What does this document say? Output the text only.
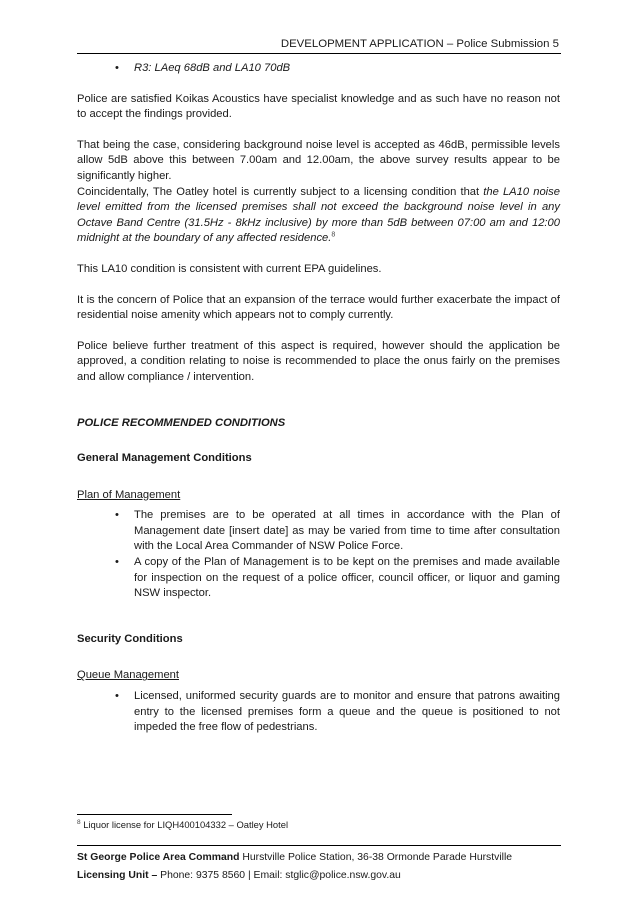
DEVELOPMENT APPLICATION – Police Submission 5
• R3: LAeq 68dB and LA10 70dB

Police are satisfied Koikas Acoustics have specialist knowledge and as such have no reason not to accept the findings provided.

That being the case, considering background noise level is accepted as 46dB, permissible levels allow 5dB above this between 7.00am and 12.00am, the above survey results appear to be significantly higher.

Coincidentally, The Oatley hotel is currently subject to a licensing condition that the LA10 noise level emitted from the licensed premises shall not exceed the background noise level in any Octave Band Centre (31.5Hz - 8kHz inclusive) by more than 5dB between 07:00 am and 12:00 midnight at the boundary of any affected residence.$^8$

This LA10 condition is consistent with current EPA guidelines.

It is the concern of Police that an expansion of the terrace would further exacerbate the impact of residential noise amenity which appears not to comply currently.

Police believe further treatment of this aspect is required, however should the application be approved, a condition relating to noise is recommended to place the onus fairly on the premises and allow compliance / intervention.

POLICE RECOMMENDED CONDITIONS

General Management Conditions

Plan of Management

• The premises are to be operated at all times in accordance with the Plan of Management date [insert date] as may be varied from time to time after consultation with the Local Area Commander of NSW Police Force.
• A copy of the Plan of Management is to be kept on the premises and made available for inspection on the request of a police officer, council officer, or liquor and gaming NSW inspector.

Security Conditions

Queue Management

• Licensed, uniformed security guards are to monitor and ensure that patrons awaiting entry to the licensed premises form a queue and the queue is positioned to not impeded the free flow of pedestrians.
$^8$ Liquor license for LIQH400104332 – Oatley Hotel
St George Police Area Command Hurstville Police Station, 36-38 Ormonde Parade Hurstville
Licensing Unit – Phone: 9375 8560 | Email: stglic@police.nsw.gov.au
